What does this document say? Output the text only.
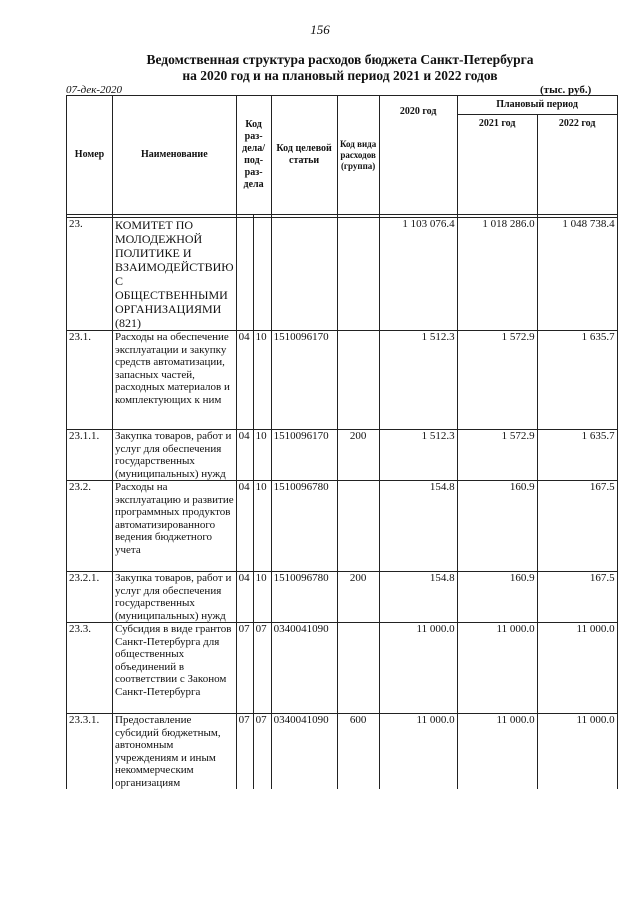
156
Ведомственная структура расходов бюджета Санкт-Петербурга
на 2020 год и на плановый период 2021 и 2022 годов
07-дек-2020	(тыс. руб.)
Номер	Наименование	Код раз-дела/под-раз-дела		Код целевой статьи	Код вида расходов (группа)	2020 год	Плановый период	
							2021 год	2022 год

23.	КОМИТЕТ ПО МОЛОДЕЖНОЙ ПОЛИТИКЕ И ВЗАИМОДЕЙСТВИЮ С ОБЩЕСТВЕННЫМИ ОРГАНИЗАЦИЯМИ (821)					1 103 076.4	1 018 286.0	1 048 738.4
23.1.	Расходы на обеспечение эксплуатации и закупку средств автоматизации, запасных частей, расходных материалов и комплектующих к ним	04	10	1510096170		1 512.3	1 572.9	1 635.7
23.1.1.	Закупка товаров, работ и услуг для обеспечения государственных (муниципальных) нужд	04	10	1510096170	200	1 512.3	1 572.9	1 635.7
23.2.	Расходы на эксплуатацию и развитие программных продуктов автоматизированного ведения бюджетного учета	04	10	1510096780		154.8	160.9	167.5
23.2.1.	Закупка товаров, работ и услуг для обеспечения государственных (муниципальных) нужд	04	10	1510096780	200	154.8	160.9	167.5
23.3.	Субсидия в виде грантов Санкт-Петербурга для общественных объединений в соответствии с Законом Санкт-Петербурга	07	07	0340041090		11 000.0	11 000.0	11 000.0
23.3.1.	Предоставление субсидий бюджетным, автономным учреждениям и иным некоммерческим организациям	07	07	0340041090	600	11 000.0	11 000.0	11 000.0
